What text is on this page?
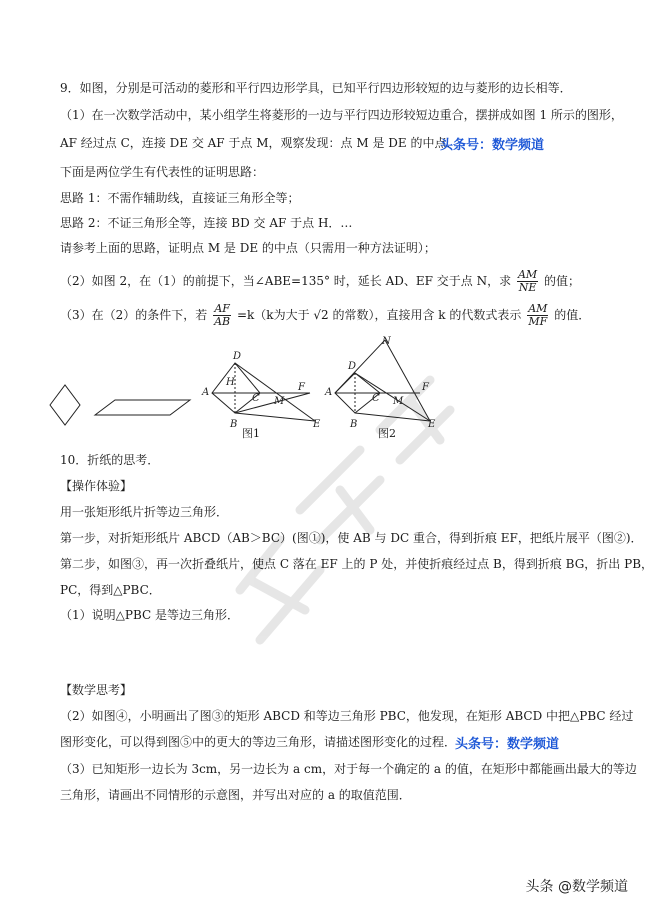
9．如图，分别是可活动的菱形和平行四边形学具，已知平行四边形较短的边与菱形的边长相等．
（1）在一次数学活动中，某小组学生将菱形的一边与平行四边形较短边重合，摆拼成如图 1 所示的图形，
AF 经过点 C，连接 DE 交 AF 于点 M，观察发现：点 M 是 DE 的中点．
头条号：数学频道
下面是两位学生有代表性的证明思路：
思路 1：不需作辅助线，直接证三角形全等；
思路 2：不证三角形全等，连接 BD 交 AF 于点 H．…
请参考上面的思路，证明点 M 是 DE 的中点（只需用一种方法证明）；
（2）如图 2，在（1）的前提下，当∠ABE=135° 时，延长 AD、EF 交于点 N，求 $\frac{AM}{NE}$ 的值；
（3）在（2）的条件下，若 $\frac{AF}{AB} =k(k$为大于 √2 的常数），直接用含 k 的代数式表示 $\frac{AM}{MF}$ 的值．
A
D
H
C M
F
B	E
A
D
N
C M
F
B	E
图1	图2
10．折纸的思考．
【操作体验】
用一张矩形纸片折等边三角形．
第一步，对折矩形纸片 ABCD（AB＞BC）(图①)，使 AB 与 DC 重合，得到折痕 EF，把纸片展平（图②)．
第二步，如图③，再一次折叠纸片，使点 C 落在 EF 上的 P 处，并使折痕经过点 B，得到折痕 BG，折出 PB，
PC，得到△PBC．
（1）说明△PBC 是等边三角形．
【数学思考】
（2）如图④，小明画出了图③的矩形 ABCD 和等边三角形 PBC，他发现，在矩形 ABCD 中把△PBC 经过
图形变化，可以得到图⑤中的更大的等边三角形，请描述图形变化的过程．
头条号：数学频道
（3）已知矩形一边长为 3cm，另一边长为 a cm，对于每一个确定的 a 的值，在矩形中都能画出最大的等边
三角形，请画出不同情形的示意图，并写出对应的 a 的取值范围．
头条 @数学频道
